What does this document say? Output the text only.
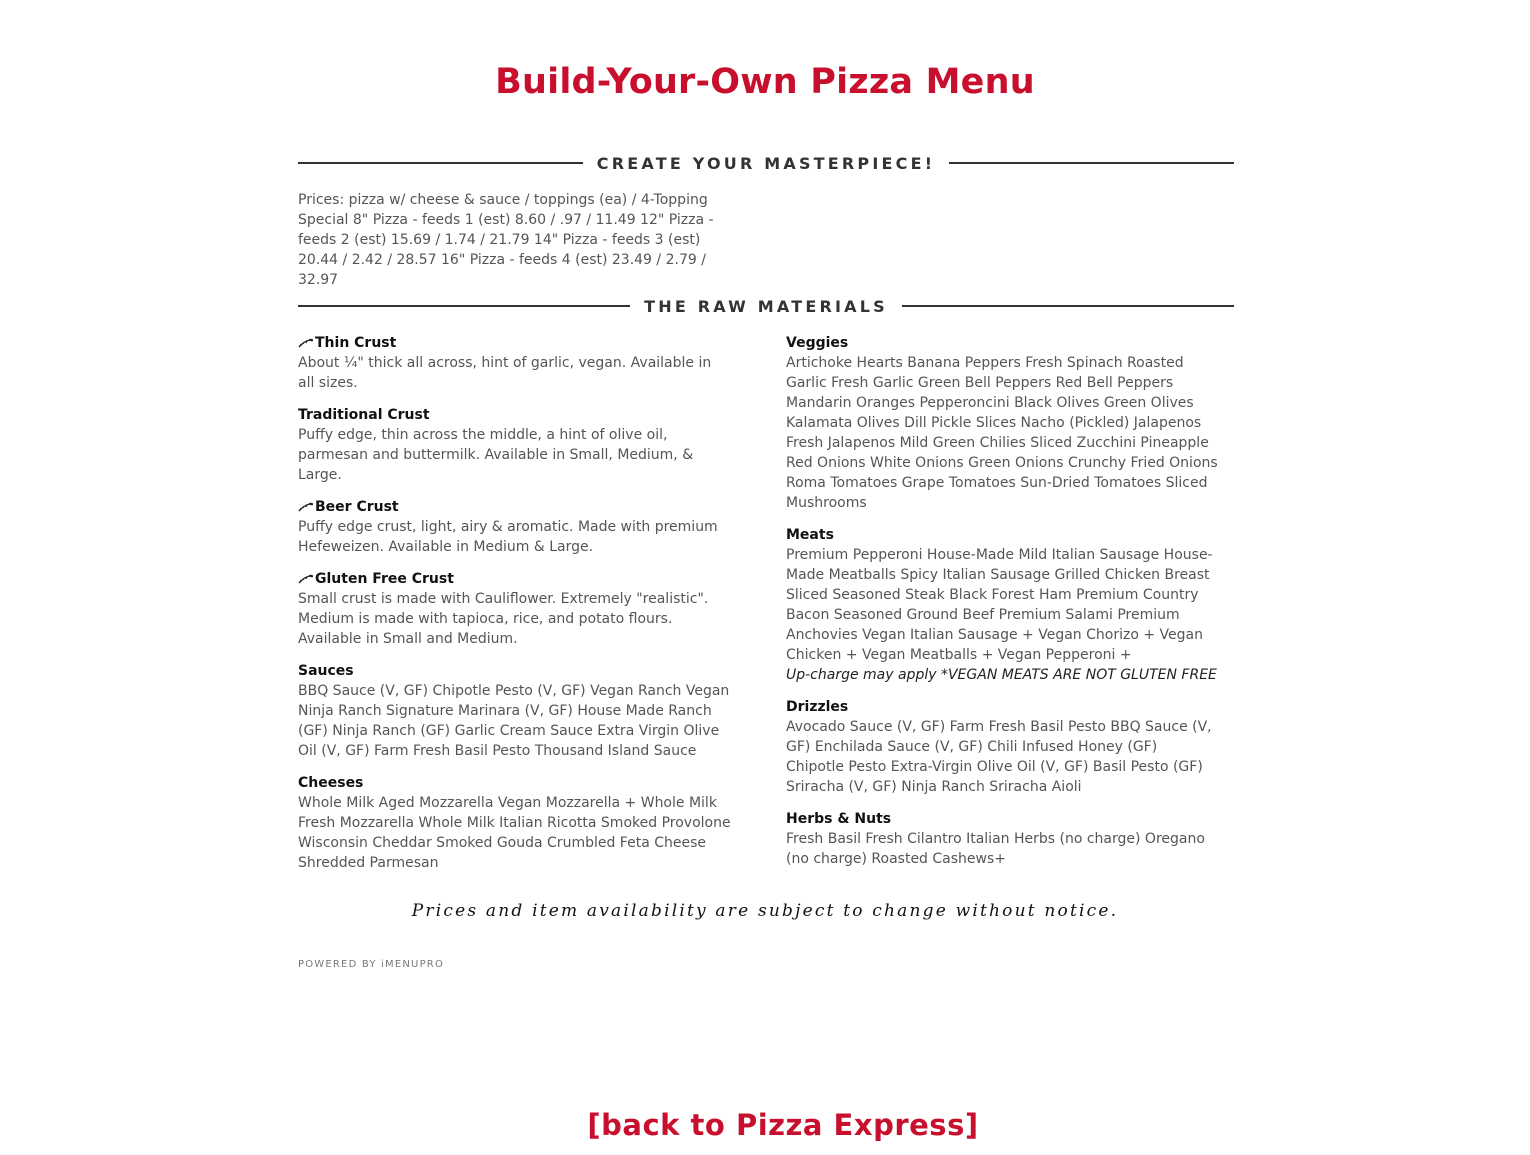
Build-Your-Own Pizza Menu
CREATE YOUR MASTERPIECE!

Prices: pizza w/ cheese & sauce / toppings (ea) / 4-Topping Special 8" Pizza - feeds 1 (est) 8.60 / .97 / 11.49 12" Pizza - feeds 2 (est) 15.69 / 1.74 / 21.79 14" Pizza - feeds 3 (est) 20.44 / 2.42 / 28.57 16" Pizza - feeds 4 (est) 23.49 / 2.79 / 32.97

THE RAW MATERIALS

Thin Crust

About ¼" thick all across, hint of garlic, vegan. Available in all sizes.

Traditional Crust

Puffy edge, thin across the middle, a hint of olive oil, parmesan and buttermilk. Available in Small, Medium, & Large.

Beer Crust

Puffy edge crust, light, airy & aromatic. Made with premium Hefeweizen. Available in Medium & Large.

Gluten Free Crust

Small crust is made with Cauliflower. Extremely "realistic". Medium is made with tapioca, rice, and potato flours. Available in Small and Medium.

Sauces

BBQ Sauce (V, GF) Chipotle Pesto (V, GF) Vegan Ranch Vegan Ninja Ranch Signature Marinara (V, GF) House Made Ranch (GF) Ninja Ranch (GF) Garlic Cream Sauce Extra Virgin Olive Oil (V, GF) Farm Fresh Basil Pesto Thousand Island Sauce

Cheeses

Whole Milk Aged Mozzarella Vegan Mozzarella + Whole Milk Fresh Mozzarella Whole Milk Italian Ricotta Smoked Provolone Wisconsin Cheddar Smoked Gouda Crumbled Feta Cheese Shredded Parmesan

Veggies

Artichoke Hearts Banana Peppers Fresh Spinach Roasted Garlic Fresh Garlic Green Bell Peppers Red Bell Peppers Mandarin Oranges Pepperoncini Black Olives Green Olives Kalamata Olives Dill Pickle Slices Nacho (Pickled) Jalapenos Fresh Jalapenos Mild Green Chilies Sliced Zucchini Pineapple Red Onions White Onions Green Onions Crunchy Fried Onions Roma Tomatoes Grape Tomatoes Sun-Dried Tomatoes Sliced Mushrooms

Meats

Premium Pepperoni House-Made Mild Italian Sausage House-Made Meatballs Spicy Italian Sausage Grilled Chicken Breast Sliced Seasoned Steak Black Forest Ham Premium Country Bacon Seasoned Ground Beef Premium Salami Premium Anchovies Vegan Italian Sausage + Vegan Chorizo + Vegan Chicken + Vegan Meatballs + Vegan Pepperoni +
Up-charge may apply *VEGAN MEATS ARE NOT GLUTEN FREE

Drizzles

Avocado Sauce (V, GF) Farm Fresh Basil Pesto BBQ Sauce (V, GF) Enchilada Sauce (V, GF) Chili Infused Honey (GF) Chipotle Pesto Extra-Virgin Olive Oil (V, GF) Basil Pesto (GF) Sriracha (V, GF) Ninja Ranch Sriracha Aioli

Herbs & Nuts

Fresh Basil Fresh Cilantro Italian Herbs (no charge) Oregano (no charge) Roasted Cashews+

Prices and item availability are subject to change without notice.

POWERED BY iMENUPRO

[back to Pizza Express]
